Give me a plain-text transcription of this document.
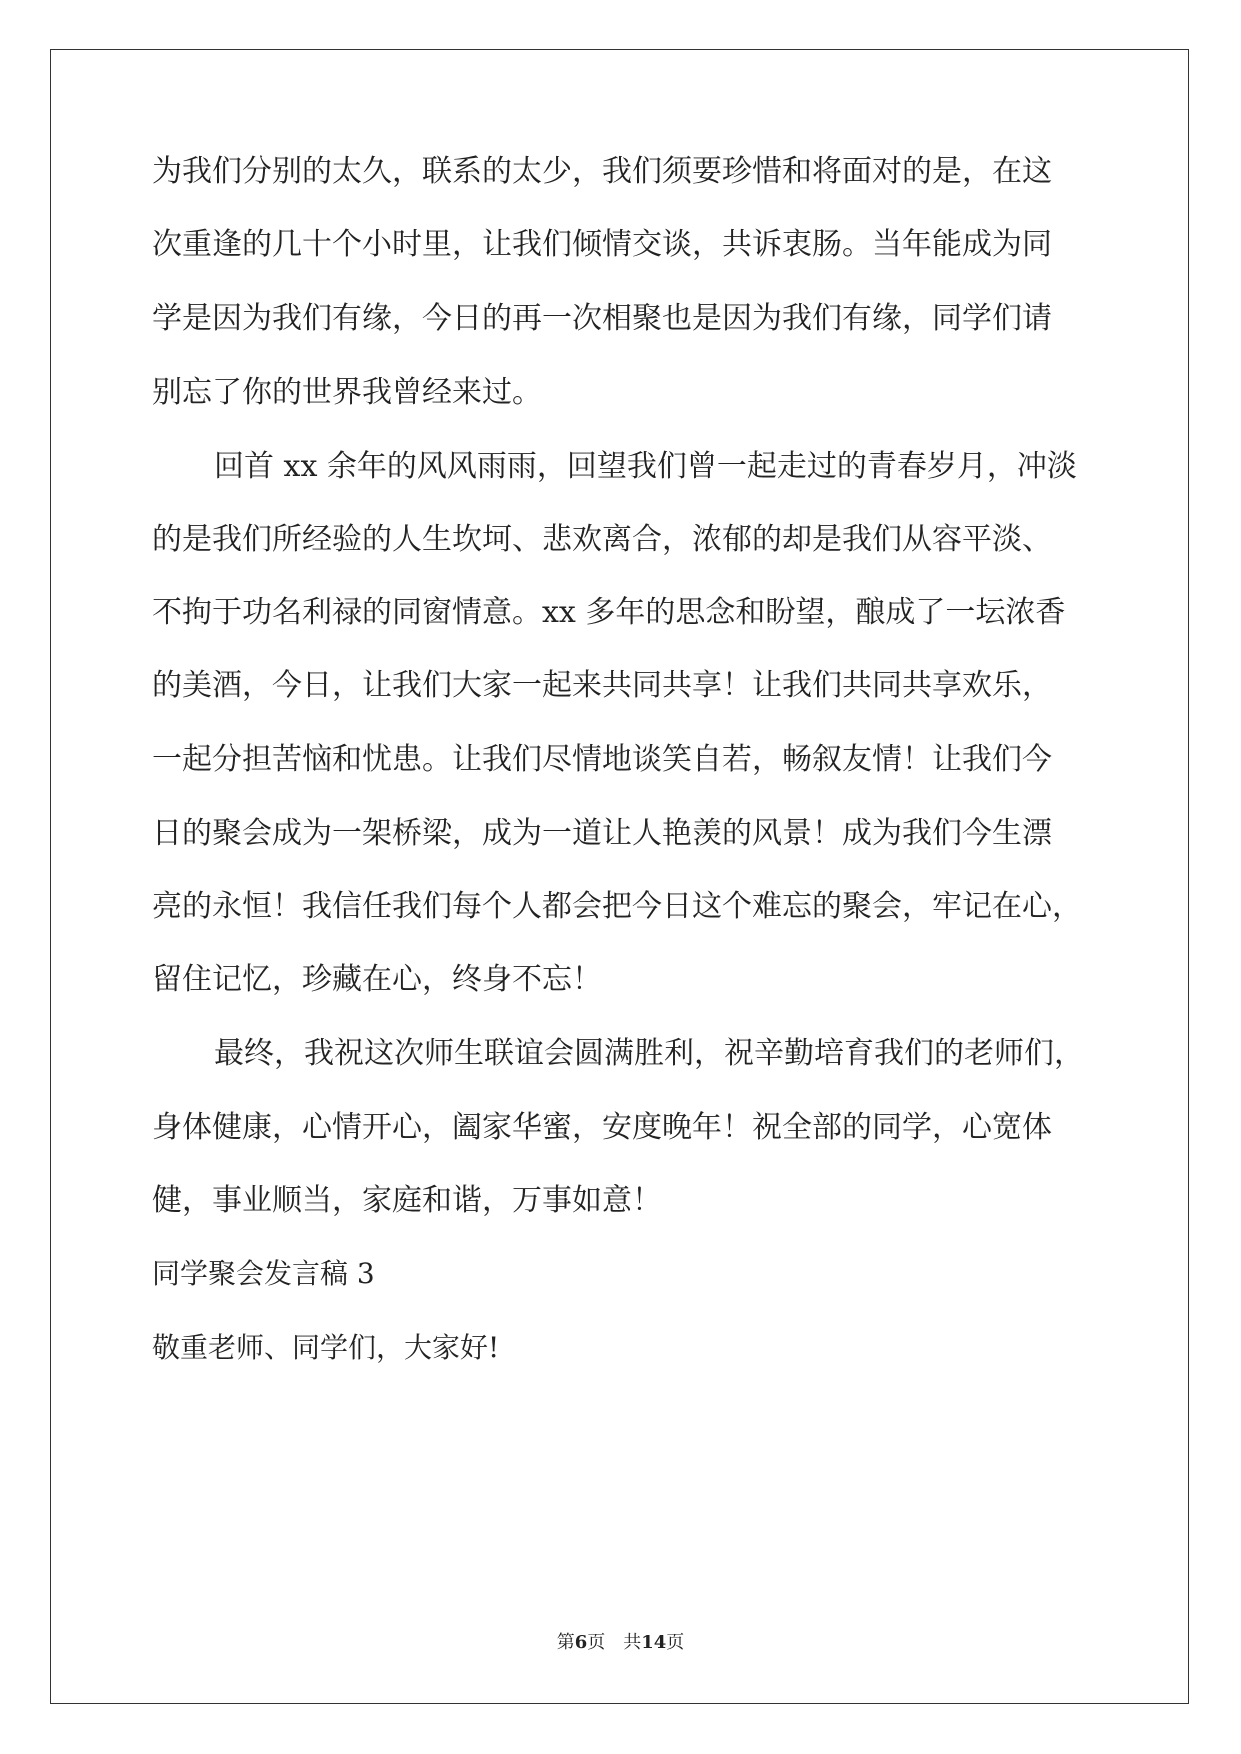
为我们分别的太久，联系的太少，我们须要珍惜和将面对的是，在这
次重逢的几十个小时里，让我们倾情交谈，共诉衷肠。当年能成为同
学是因为我们有缘，今日的再一次相聚也是因为我们有缘，同学们请
别忘了你的世界我曾经来过。
回首 xx 余年的风风雨雨，回望我们曾一起走过的青春岁月，冲淡
的是我们所经验的人生坎坷、悲欢离合，浓郁的却是我们从容平淡、
不拘于功名利禄的同窗情意。xx 多年的思念和盼望，酿成了一坛浓香
的美酒，今日，让我们大家一起来共同共享！让我们共同共享欢乐，
一起分担苦恼和忧患。让我们尽情地谈笑自若，畅叙友情！让我们今
日的聚会成为一架桥梁，成为一道让人艳羡的风景！成为我们今生漂
亮的永恒！我信任我们每个人都会把今日这个难忘的聚会，牢记在心，
留住记忆，珍藏在心，终身不忘！
最终，我祝这次师生联谊会圆满胜利，祝辛勤培育我们的老师们，
身体健康，心情开心，阖家华蜜，安度晚年！祝全部的同学，心宽体
健，事业顺当，家庭和谐，万事如意！
同学聚会发言稿 3
敬重老师、同学们，大家好!
第6页　共14页
